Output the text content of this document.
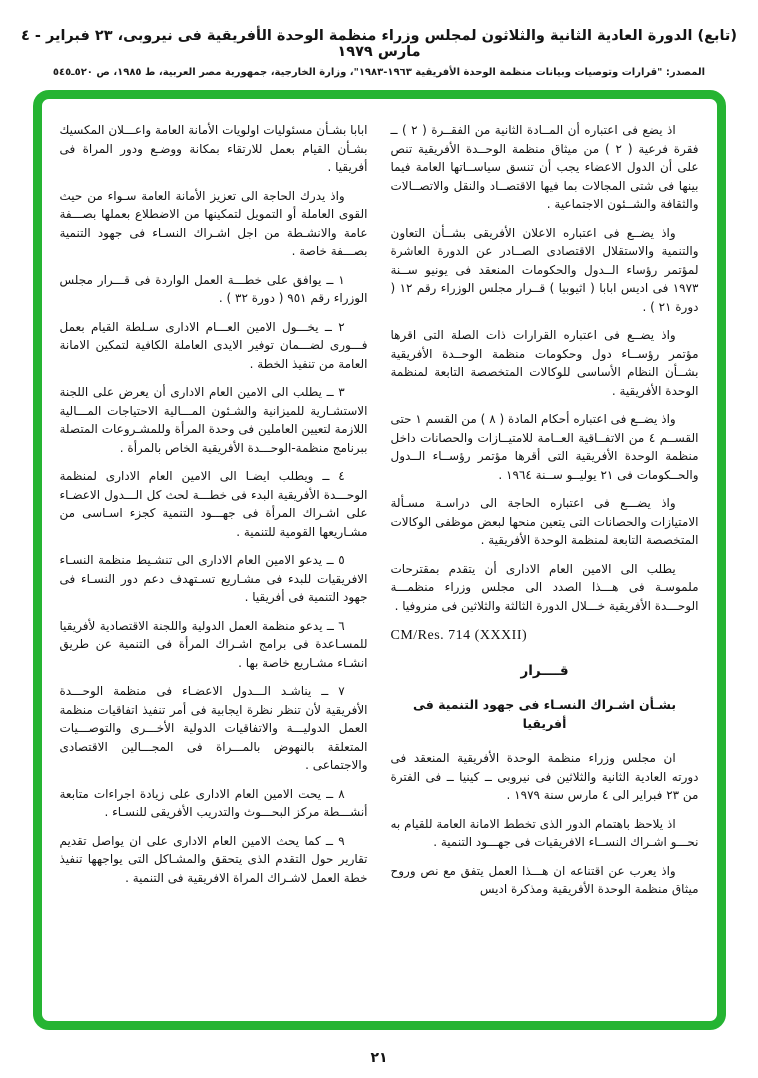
(تابع) الدورة العادية الثانية والثلاثون لمجلس وزراء منظمة الوحدة الأفريقية فى نيروبى، ٢٣ فبراير - ٤ مارس ١٩٧٩
المصدر: "قرارات وتوصيات وبيانات منظمة الوحدة الأفريقية ١٩٦٣-١٩٨٣"، وزارة الخارجية، جمهورية مصر العربية، ط ١٩٨٥، ص ٥٢٠ـ٥٤٥

اذ يضع فى اعتباره أن المــادة الثانية من الفقــرة ( ٢ ) ــ فقرة فرعية ( ٢ ) من ميثاق منظمة الوحــدة الأفريقية تنص على أن الدول الاعضاء يجب أن تنسق سياســاتها العامة فيما بينها فى شتى المجالات بما فيها الاقتصــاد والنقل والاتصــالات والثقافة والشــئون الاجتماعية .

واذ يضــع فى اعتباره الاعلان الأفريقى بشــأن التعاون والتنمية والاستقلال الاقتصادى الصــادر عن الدورة العاشرة لمؤتمر رؤساء الــدول والحكومات المنعقد فى يونيو ســنة ١٩٧٣ فى اديس ابابا ( اثيوبيا ) قــرار مجلس الوزراء رقم ١٢ ( دورة ٢١ ) .

واذ يضــع فى اعتباره القرارات ذات الصلة التى اقرها مؤتمر رؤســاء دول وحكومات منظمة الوحــدة الأفريقية بشــأن النظام الأساسى للوكالات المتخصصة التابعة لمنظمة الوحدة الأفريقية .

واذ يضــع فى اعتباره أحكام المادة ( ٨ ) من القسم ١ حتى القســم ٤ من الاتفــاقية العــامة للامتيــازات والحصانات داخل منظمة الوحدة الأفريقية التى أقرها مؤتمر رؤســاء الــدول والحــكومات فى ٢١ يوليــو ســنة ١٩٦٤ .

واذ يضـــع فى اعتباره الحاجة الى دراسـة مسـألة الامتيازات والحصانات التى يتعين منحها لبعض موظفى الوكالات المتخصصة التابعة لمنظمة الوحدة الأفريقية .

يطلب الى الامين العام الادارى أن يتقدم بمقترحات ملموسـة فى هـــذا الصدد الى مجلس وزراء منظمـــة الوحـــدة الأفريقية خـــلال الدورة الثالثة والثلاثين فى منروفيا .

CM/Res. 714 (XXXII)
قــــرار
بشـأن اشـراك النسـاء فى جهود التنمية فى أفريقيا

ان مجلس وزراء منظمة الوحدة الأفريقية المنعقد فى دورته العادية الثانية والثلاثين فى نيروبى ــ كينيا ــ فى الفترة من ٢٣ فبراير الى ٤ مارس سنة ١٩٧٩ .

اذ يلاحظ باهتمام الدور الذى تخطط الامانة العامة للقيام به نحـــو اشـراك النســاء الافريقيات فى جهـــود التنمية .

واذ يعرب عن اقتناعه ان هـــذا العمل يتفق مع نص وروح ميثاق منظمة الوحدة الأفريقية ومذكرة اديس

ابابا بشـأن مسئوليات اولويات الأمانة العامة واعـــلان المكسيك بشـأن القيام بعمل للارتقاء بمكانة ووضـع ودور المراة فى أفريقيا .

واذ يدرك الحاجة الى تعزيز الأمانة العامة سـواء من حيث القوى العاملة أو التمويل لتمكينها من الاضطلاع بعملها بصـــفة عامة والانشـطة من اجل اشـراك النسـاء فى جهود التنمية بصـــفة خاصة .

١ ــ يوافق على خطـــة العمل الواردة فى قـــرار مجلس الوزراء رقم ٩٥١ ( دورة ٣٢ ) .

٢ ــ يخـــول الامين العـــام الادارى سـلطة القيام بعمل فـــورى لضـــمان توفير الايدى العاملة الكافية لتمكين الامانة العامة من تنفيذ الخطة .

٣ ــ يطلب الى الامين العام الادارى أن يعرض على اللجنة الاستشـارية للميزانية والشـئون المـــالية الاحتياجات المـــالية اللازمة لتعيين العاملين فى وحدة المرأة وللمشـروعات المتصلة ببرنامج منظمة-الوحـــدة الأفريقية الخاص بالمرأة .

٤ ــ ويطلب ايضـا الى الامين العام الادارى لمنظمة الوحـــدة الأفريقية البدء فى خطـــة لحث كل الـــدول الاعضـاء على اشـراك المرأة فى جهـــود التنمية كجزء اسـاسى من مشـاريعها القومية للتنمية .

٥ ــ يدعو الامين العام الادارى الى تنشـيط منظمة النسـاء الافريقيات للبدء فى مشـاريع تسـتهدف دعم دور النسـاء فى جهود التنمية فى أفريقيا .

٦ ــ يدعو منظمة العمل الدولية واللجنة الاقتصادية لأفريقيا للمسـاعدة فى برامج اشـراك المرأة فى التنمية عن طريق انشـاء مشـاريع خاصة بها .

٧ ــ يناشـد الـــدول الاعضـاء فى منظمة الوحـــدة الأفريقية لأن تنظر نظرة ايجابية فى أمر تنفيذ اتفاقيات منظمة العمل الدوليـــة والاتفاقيات الدولية الأخـــرى والتوصـــيات المتعلقة بالنهوض بالمـــراة فى المجـــالين الاقتصادى والاجتماعى .

٨ ــ يحت الامين العام الادارى على زيادة اجراءات متابعة أنشـــطة مركز البحـــوث والتدريب الأفريقى للنسـاء .

٩ ــ كما يحث الامين العام الادارى على ان يواصل تقديم تقارير حول التقدم الذى يتحقق والمشـاكل التى يواجهها تنفيذ خطة العمل لاشـراك المراة الافريقية فى التنمية .

٢١
